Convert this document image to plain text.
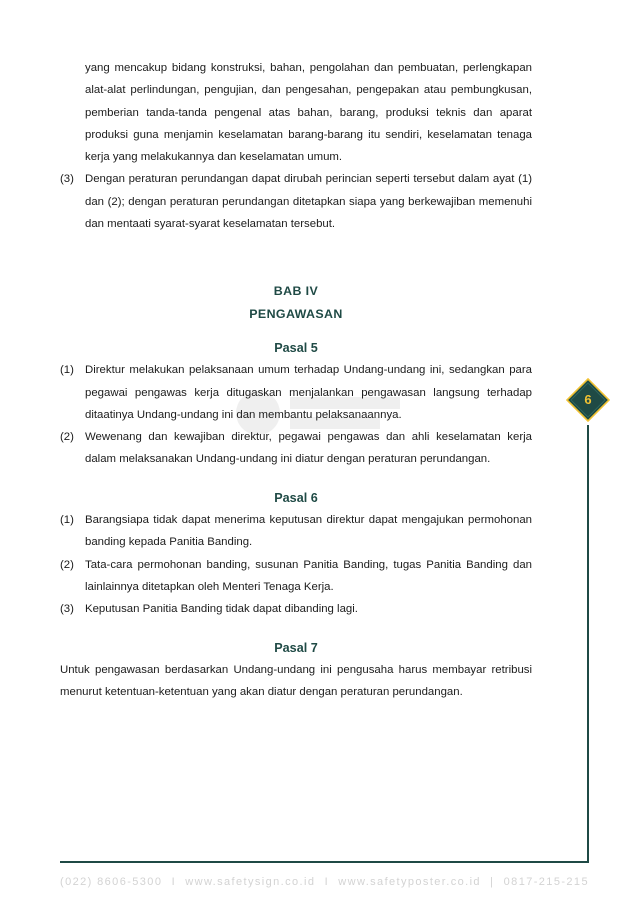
yang mencakup bidang konstruksi, bahan, pengolahan dan pembuatan, perlengkapan alat-alat perlindungan, pengujian, dan pengesahan, pengepakan atau pembungkusan, pemberian tanda-tanda pengenal atas bahan, barang, produksi teknis dan aparat produksi guna menjamin keselamatan barang-barang itu sendiri, keselamatan tenaga kerja yang melakukannya dan keselamatan umum.
(3) Dengan peraturan perundangan dapat dirubah perincian seperti tersebut dalam ayat (1) dan (2); dengan peraturan perundangan ditetapkan siapa yang berkewajiban memenuhi dan mentaati syarat-syarat keselamatan tersebut.
BAB IV
PENGAWASAN
Pasal 5
(1) Direktur melakukan pelaksanaan umum terhadap Undang-undang ini, sedangkan para pegawai pengawas kerja ditugaskan menjalankan pengawasan langsung terhadap ditaatinya Undang-undang ini dan membantu pelaksanaannya.
(2) Wewenang dan kewajiban direktur, pegawai pengawas dan ahli keselamatan kerja dalam melaksanakan Undang-undang ini diatur dengan peraturan perundangan.
Pasal 6
(1) Barangsiapa tidak dapat menerima keputusan direktur dapat mengajukan permohonan banding kepada Panitia Banding.
(2) Tata-cara permohonan banding, susunan Panitia Banding, tugas Panitia Banding dan lainlainnya ditetapkan oleh Menteri Tenaga Kerja.
(3) Keputusan Panitia Banding tidak dapat dibanding lagi.
Pasal 7
Untuk pengawasan berdasarkan Undang-undang ini pengusaha harus membayar retribusi menurut ketentuan-ketentuan yang akan diatur dengan peraturan perundangan.
6
(022) 8606-5300 I www.safetysign.co.id I www.safetyposter.co.id | 0817-215-215
